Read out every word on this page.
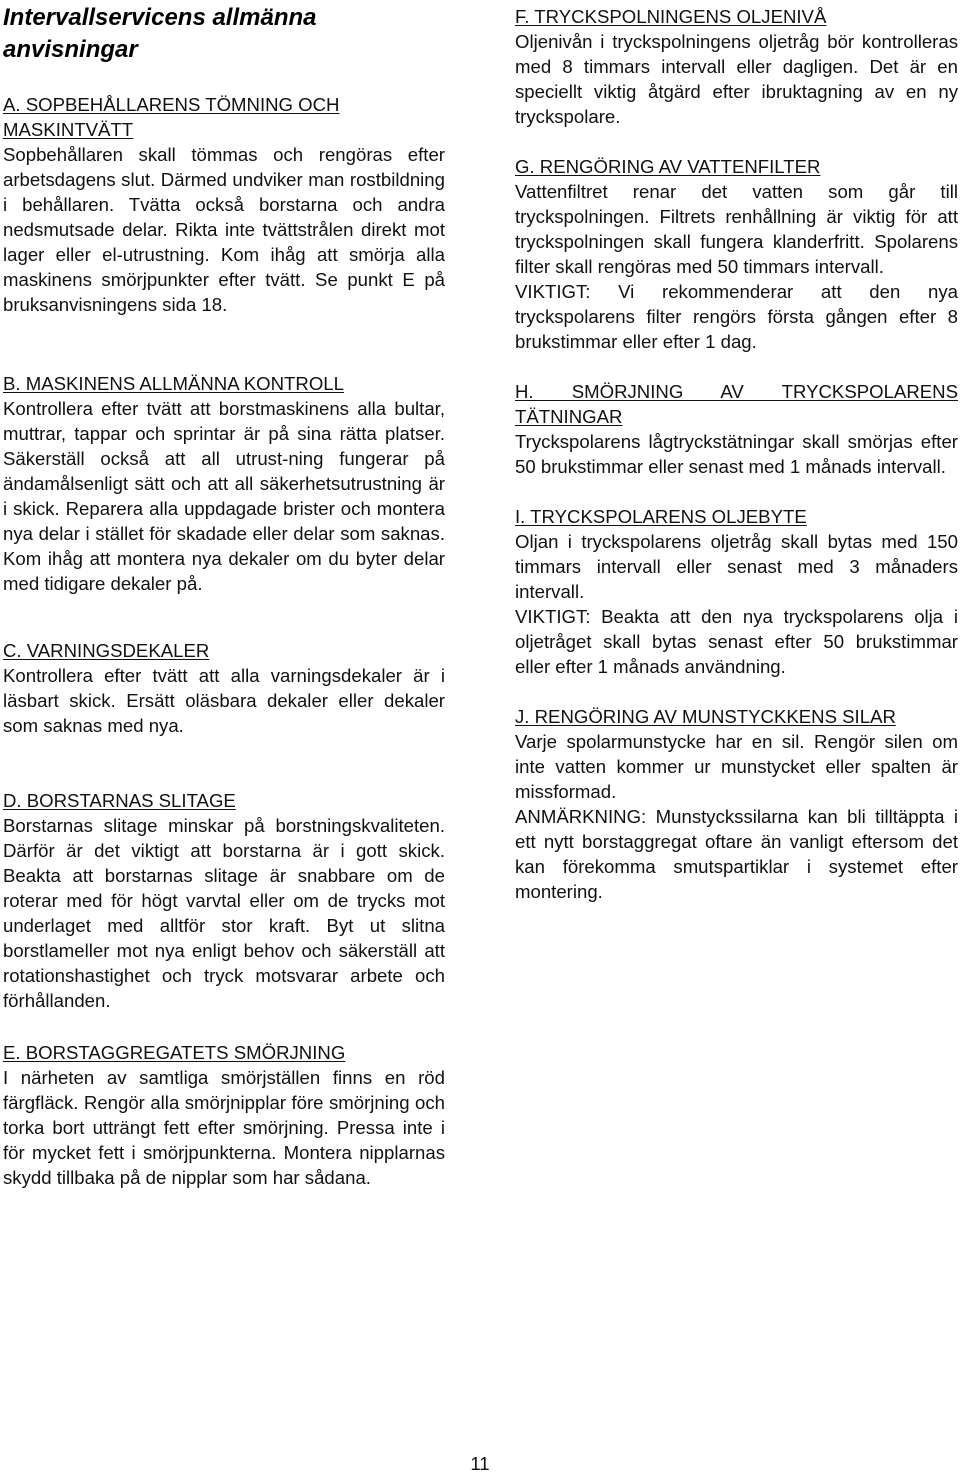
Intervallservicens allmänna anvisningar
A. SOPBEHÅLLARENS TÖMNING OCH MASKINTVÄTT

Sopbehållaren skall tömmas och rengöras efter arbetsdagens slut. Därmed undviker man rostbildning i behållaren. Tvätta också borstarna och andra nedsmutsade delar. Rikta inte tvättstrålen direkt mot lager eller el-utrustning. Kom ihåg att smörja alla maskinens smörjpunkter efter tvätt. Se punkt E på bruksanvisningens sida 18.

B. MASKINENS ALLMÄNNA KONTROLL

Kontrollera efter tvätt att borstmaskinens alla bultar, muttrar, tappar och sprintar är på sina rätta platser. Säkerställ också att all utrust-ning fungerar på ändamålsenligt sätt och att all säkerhetsutrustning är i skick. Reparera alla uppdagade brister och montera nya delar i stället för skadade eller delar som saknas. Kom ihåg att montera nya dekaler om du byter delar med tidigare dekaler på.

C. VARNINGSDEKALER

Kontrollera efter tvätt att alla varningsdekaler är i läsbart skick. Ersätt oläsbara dekaler eller dekaler som saknas med nya.

D. BORSTARNAS SLITAGE

Borstarnas slitage minskar på borstningskvaliteten. Därför är det viktigt att borstarna är i gott skick. Beakta att borstarnas slitage är snabbare om de roterar med för högt varvtal eller om de trycks mot underlaget med alltför stor kraft. Byt ut slitna borstlameller mot nya enligt behov och säkerställ att rotationshastighet och tryck motsvarar arbete och förhållanden.

E. BORSTAGGREGATETS SMÖRJNING

I närheten av samtliga smörjställen finns en röd färgfläck. Rengör alla smörjnipplar före smörjning och torka bort utträngt fett efter smörjning. Pressa inte i för mycket fett i smörjpunkterna. Montera nipplarnas skydd tillbaka på de nipplar som har sådana.

F. TRYCKSPOLNINGENS OLJENIVÅ

Oljenivån i tryckspolningens oljetråg bör kontrolleras med 8 timmars intervall eller dagligen. Det är en speciellt viktig åtgärd efter ibruktagning av en ny tryckspolare.

G. RENGÖRING AV VATTENFILTER

Vattenfiltret renar det vatten som går till tryckspolningen. Filtrets renhållning är viktig för att tryckspolningen skall fungera klanderfritt. Spolarens filter skall rengöras med 50 timmars intervall.

VIKTIGT: Vi rekommenderar att den nya tryckspolarens filter rengörs första gången efter 8 brukstimmar eller efter 1 dag.

H. SMÖRJNING AV TRYCKSPOLARENS TÄTNINGAR

Tryckspolarens lågtryckstätningar skall smörjas efter 50 brukstimmar eller senast med 1 månads intervall.

I. TRYCKSPOLARENS OLJEBYTE

Oljan i tryckspolarens oljetråg skall bytas med 150 timmars intervall eller senast med 3 månaders intervall.

VIKTIGT: Beakta att den nya tryckspolarens olja i oljetråget skall bytas senast efter 50 brukstimmar eller efter 1 månads användning.

J. RENGÖRING AV MUNSTYCKKENS SILAR

Varje spolarmunstycke har en sil. Rengör silen om inte vatten kommer ur munstycket eller spalten är missformad.

ANMÄRKNING: Munstyckssilarna kan bli tilltäppta i ett nytt borstaggregat oftare än vanligt eftersom det kan förekomma smutspartiklar i systemet efter montering.

11
